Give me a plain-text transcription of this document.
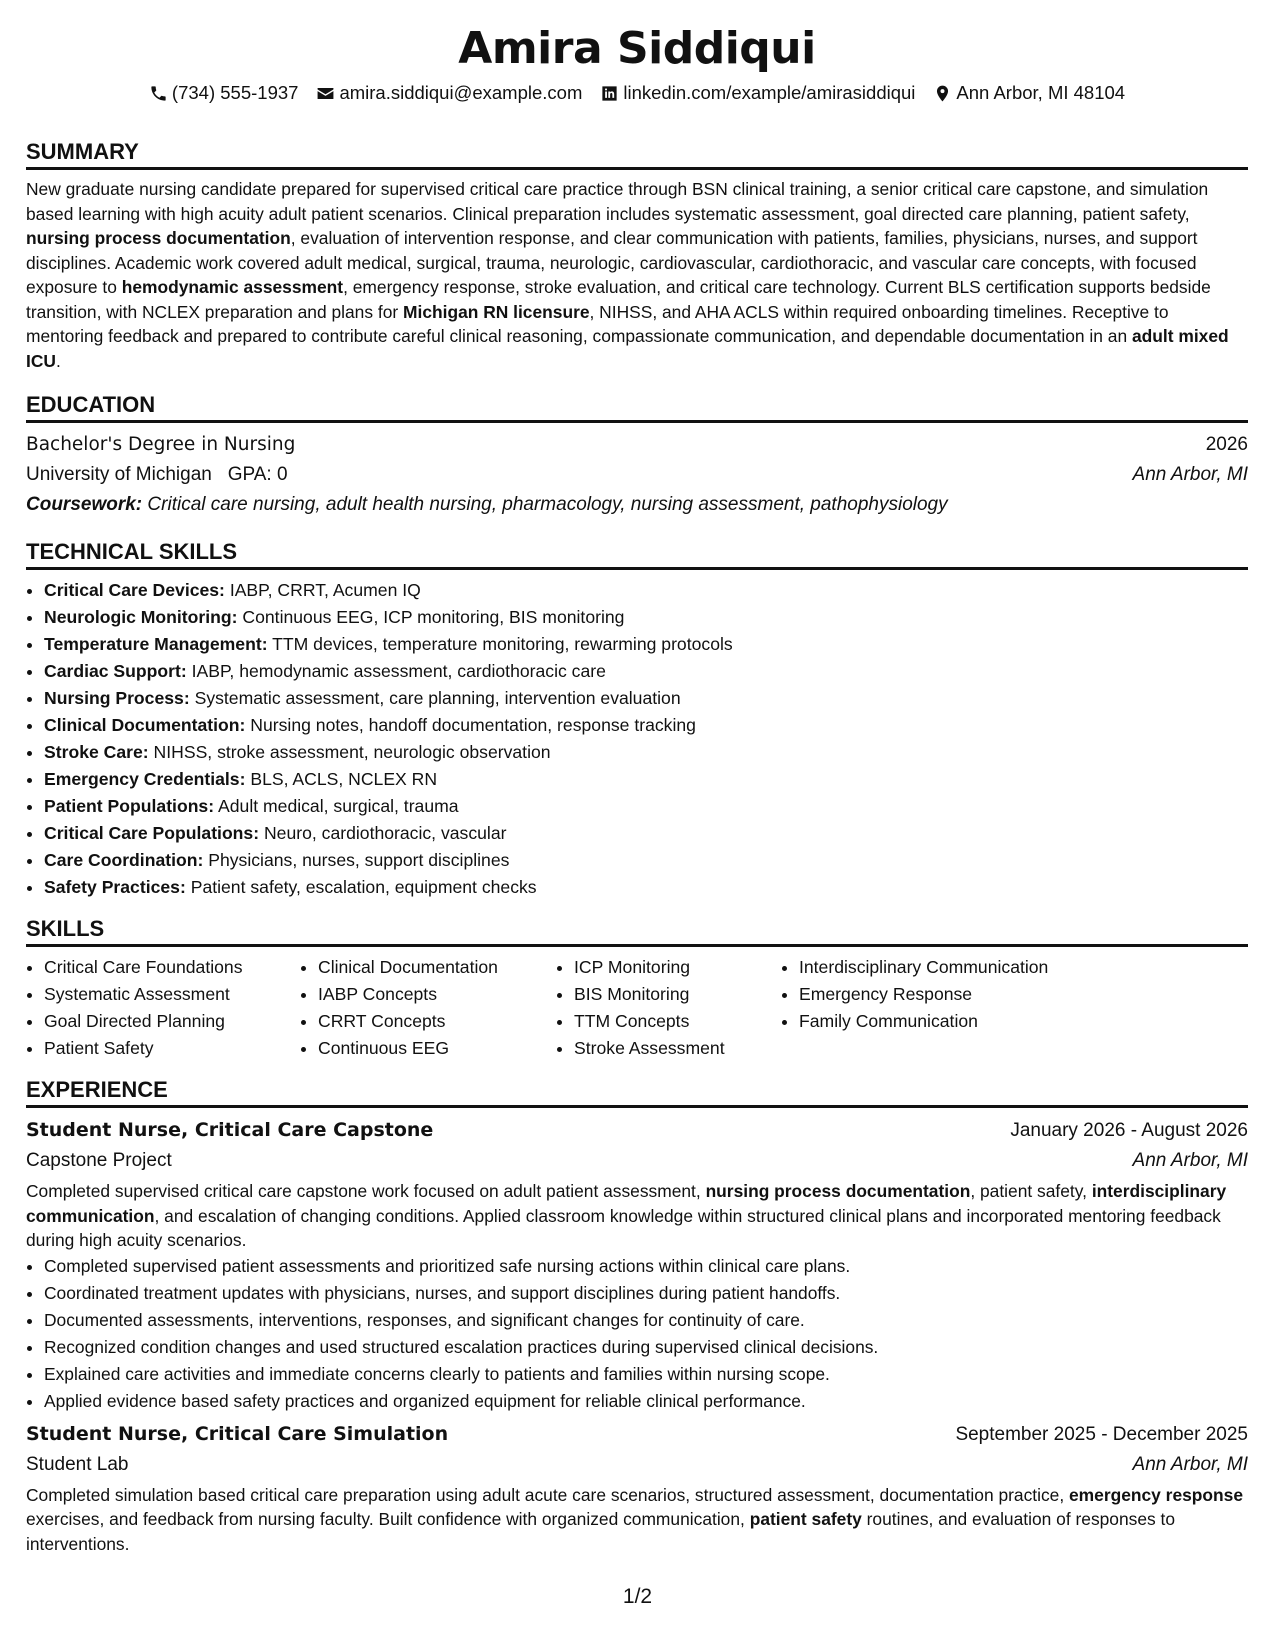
Amira Siddiqui
(734) 555-1937 amira.siddiqui@example.com linkedin.com/example/amirasiddiqui Ann Arbor, MI 48104
SUMMARY

New graduate nursing candidate prepared for supervised critical care practice through BSN clinical training, a senior critical care capstone, and simulation based learning with high acuity adult patient scenarios. Clinical preparation includes systematic assessment, goal directed care planning, patient safety, nursing process documentation, evaluation of intervention response, and clear communication with patients, families, physicians, nurses, and support disciplines. Academic work covered adult medical, surgical, trauma, neurologic, cardiovascular, cardiothoracic, and vascular care concepts, with focused exposure to hemodynamic assessment, emergency response, stroke evaluation, and critical care technology. Current BLS certification supports bedside transition, with NCLEX preparation and plans for Michigan RN licensure, NIHSS, and AHA ACLS within required onboarding timelines. Receptive to mentoring feedback and prepared to contribute careful clinical reasoning, compassionate communication, and dependable documentation in an adult mixed ICU.

EDUCATION
Bachelor's Degree in Nursing	2026
University of Michigan GPA: 0	Ann Arbor, MI
Coursework: Critical care nursing, adult health nursing, pharmacology, nursing assessment, pathophysiology
TECHNICAL SKILLS
• Critical Care Devices: IABP, CRRT, Acumen IQ
• Neurologic Monitoring: Continuous EEG, ICP monitoring, BIS monitoring
• Temperature Management: TTM devices, temperature monitoring, rewarming protocols
• Cardiac Support: IABP, hemodynamic assessment, cardiothoracic care
• Nursing Process: Systematic assessment, care planning, intervention evaluation
• Clinical Documentation: Nursing notes, handoff documentation, response tracking
• Stroke Care: NIHSS, stroke assessment, neurologic observation
• Emergency Credentials: BLS, ACLS, NCLEX RN
• Patient Populations: Adult medical, surgical, trauma
• Critical Care Populations: Neuro, cardiothoracic, vascular
• Care Coordination: Physicians, nurses, support disciplines
• Safety Practices: Patient safety, escalation, equipment checks
SKILLS
• Critical Care Foundations
• Systematic Assessment
• Goal Directed Planning
• Patient Safety
• Clinical Documentation
• IABP Concepts
• CRRT Concepts
• Continuous EEG
• ICP Monitoring
• BIS Monitoring
• TTM Concepts
• Stroke Assessment
• Interdisciplinary Communication
• Emergency Response
• Family Communication
EXPERIENCE
Student Nurse, Critical Care Capstone	January 2026 - August 2026
Capstone Project	Ann Arbor, MI

Completed supervised critical care capstone work focused on adult patient assessment, nursing process documentation, patient safety, interdisciplinary communication, and escalation of changing conditions. Applied classroom knowledge within structured clinical plans and incorporated mentoring feedback during high acuity scenarios.

• Completed supervised patient assessments and prioritized safe nursing actions within clinical care plans.
• Coordinated treatment updates with physicians, nurses, and support disciplines during patient handoffs.
• Documented assessments, interventions, responses, and significant changes for continuity of care.
• Recognized condition changes and used structured escalation practices during supervised clinical decisions.
• Explained care activities and immediate concerns clearly to patients and families within nursing scope.
• Applied evidence based safety practices and organized equipment for reliable clinical performance.
Student Nurse, Critical Care Simulation	September 2025 - December 2025
Student Lab	Ann Arbor, MI

Completed simulation based critical care preparation using adult acute care scenarios, structured assessment, documentation practice, emergency response exercises, and feedback from nursing faculty. Built confidence with organized communication, patient safety routines, and evaluation of responses to interventions.

1/2
